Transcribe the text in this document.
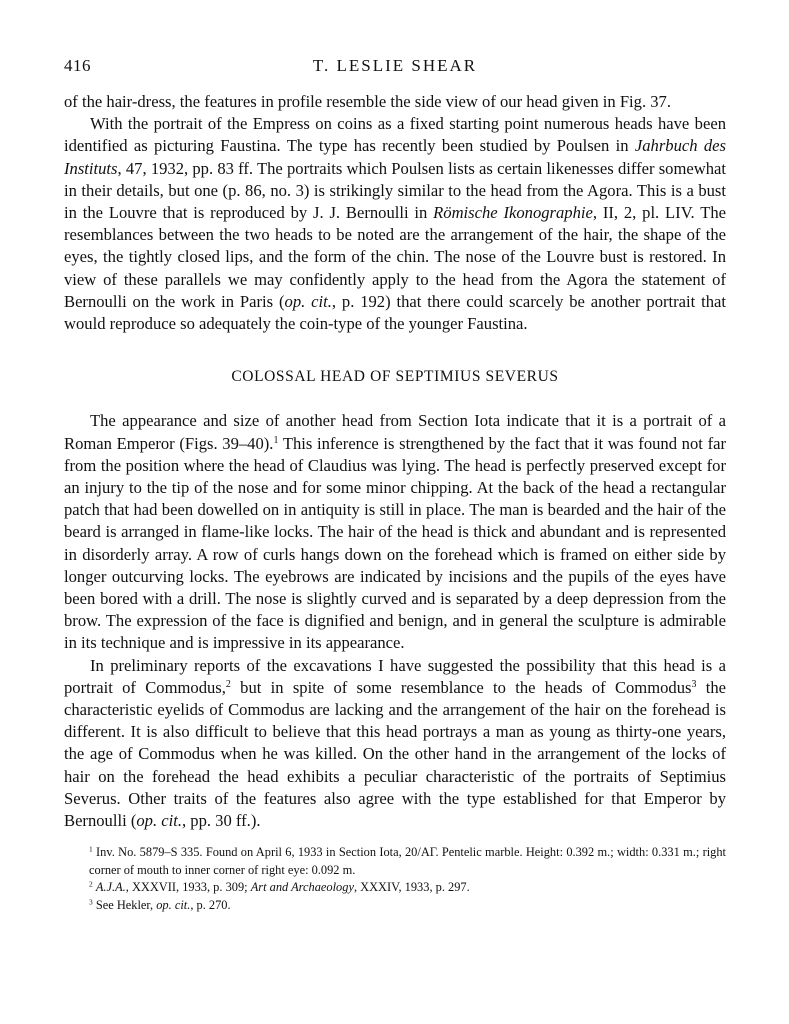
416	T. LESLIE SHEAR

of the hair-dress, the features in profile resemble the side view of our head given in Fig. 37.

With the portrait of the Empress on coins as a fixed starting point numerous heads have been identified as picturing Faustina. The type has recently been studied by Poulsen in Jahrbuch des Instituts, 47, 1932, pp. 83 ff. The portraits which Poulsen lists as certain likenesses differ somewhat in their details, but one (p. 86, no. 3) is strikingly similar to the head from the Agora. This is a bust in the Louvre that is reproduced by J. J. Bernoulli in Römische Ikonographie, II, 2, pl. LIV. The resemblances between the two heads to be noted are the arrangement of the hair, the shape of the eyes, the tightly closed lips, and the form of the chin. The nose of the Louvre bust is restored. In view of these parallels we may confidently apply to the head from the Agora the statement of Bernoulli on the work in Paris (op. cit., p. 192) that there could scarcely be another portrait that would reproduce so adequately the coin-type of the younger Faustina.

COLOSSAL HEAD OF SEPTIMIUS SEVERUS

The appearance and size of another head from Section Iota indicate that it is a portrait of a Roman Emperor (Figs. 39–40).$^1$ This inference is strengthened by the fact that it was found not far from the position where the head of Claudius was lying. The head is perfectly preserved except for an injury to the tip of the nose and for some minor chipping. At the back of the head a rectangular patch that had been dowelled on in antiquity is still in place. The man is bearded and the hair of the beard is arranged in flame-like locks. The hair of the head is thick and abundant and is represented in disorderly array. A row of curls hangs down on the forehead which is framed on either side by longer outcurving locks. The eyebrows are indicated by incisions and the pupils of the eyes have been bored with a drill. The nose is slightly curved and is separated by a deep depression from the brow. The expression of the face is dignified and benign, and in general the sculpture is admirable in its technique and is impressive in its appearance.

In preliminary reports of the excavations I have suggested the possibility that this head is a portrait of Commodus,$^2$ but in spite of some resemblance to the heads of Commodus$^3$ the characteristic eyelids of Commodus are lacking and the arrangement of the hair on the forehead is different. It is also difficult to believe that this head portrays a man as young as thirty-one years, the age of Commodus when he was killed. On the other hand in the arrangement of the locks of hair on the forehead the head exhibits a peculiar characteristic of the portraits of Septimius Severus. Other traits of the features also agree with the type established for that Emperor by Bernoulli (op. cit., pp. 30 ff.).

$^1$ Inv. No. 5879–S 335. Found on April 6, 1933 in Section Iota, 20/ΑΓ. Pentelic marble. Height: 0.392 m.; width: 0.331 m.; right corner of mouth to inner corner of right eye: 0.092 m.

$^2$ A.J.A., XXXVII, 1933, p. 309; Art and Archaeology, XXXIV, 1933, p. 297.

$^3$ See Hekler, op. cit., p. 270.
